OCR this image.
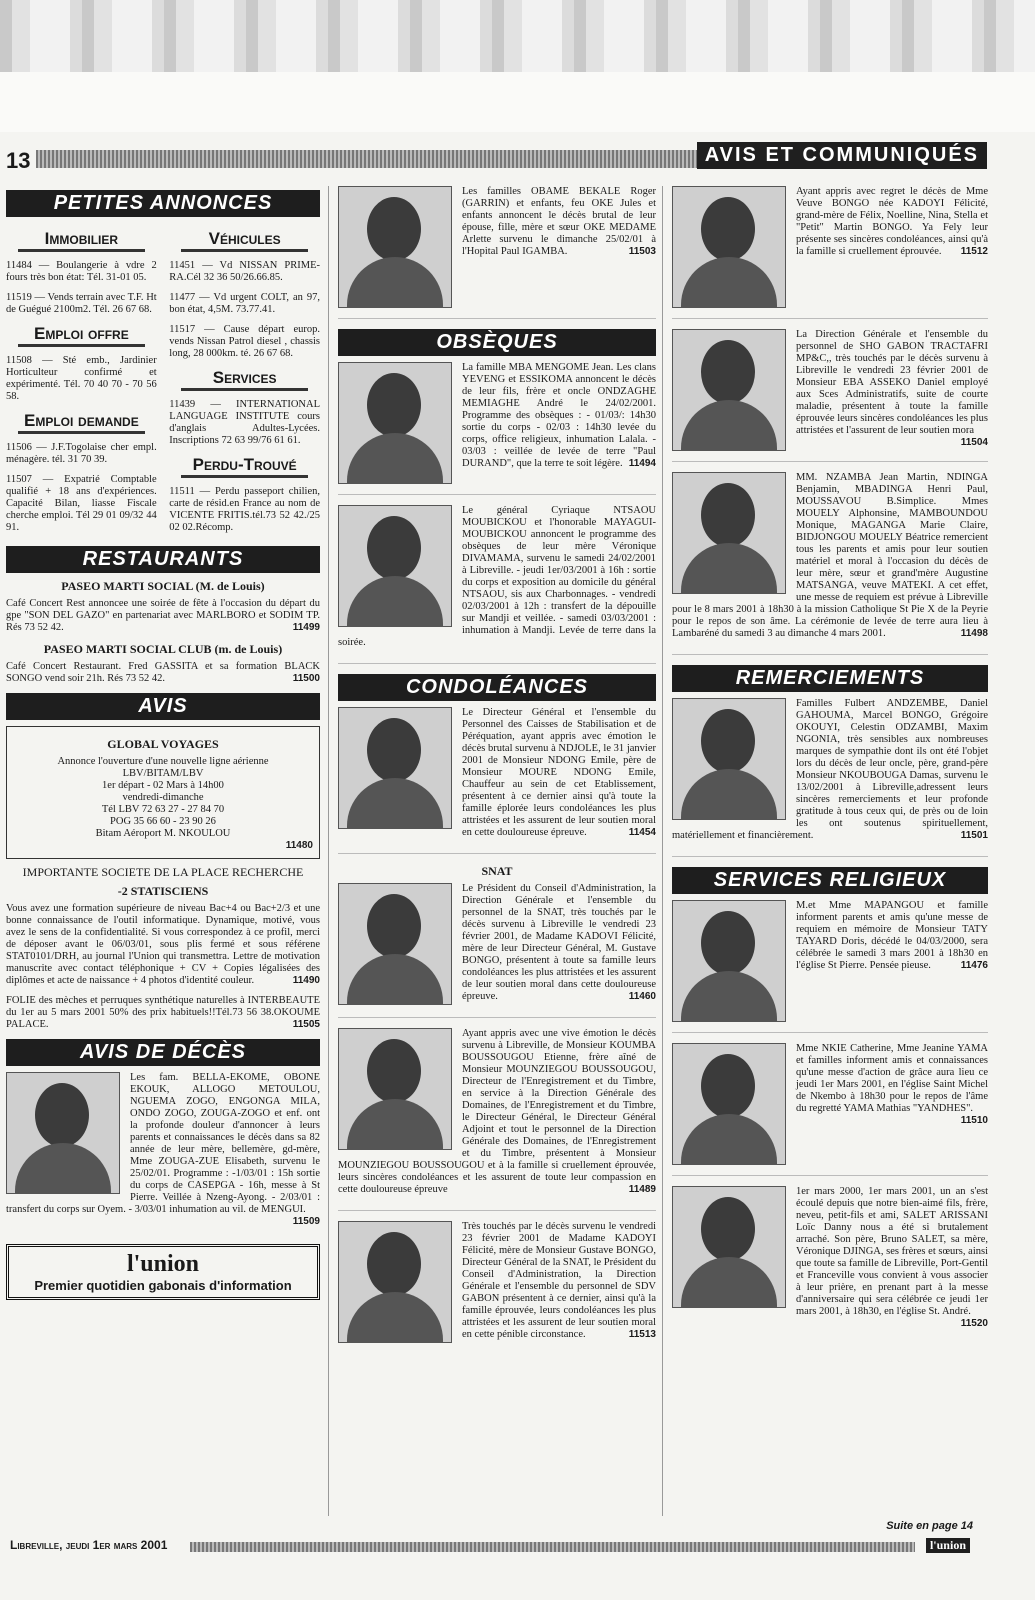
13	AVIS ET COMMUNIQUÉS
PETITES ANNONCES
Immobilier

11484 — Boulangerie à vdre 2 fours très bon état: Tél. 31-01 05.

11519 — Vends terrain avec T.F. Ht de Guégué 2100m2. Tél. 26 67 68.

Emploi offre

11508 — Sté emb., Jardinier Horticulteur confirmé et expérimenté. Tél. 70 40 70 - 70 56 58.

Emploi demande

11506 — J.F.Togolaise cher empl. ménagère. tél. 31 70 39.

11507 — Expatrié Comptable qualifié + 18 ans d'expériences. Capacité Bilan, liasse Fiscale cherche emploi. Tél 29 01 09/32 44 91.

Véhicules

11451 — Vd NISSAN PRIME-RA.Cél 32 36 50/26.66.85.

11477 — Vd urgent COLT, an 97, bon état, 4,5M. 73.77.41.

11517 — Cause départ europ. vends Nissan Patrol diesel , chassis long, 28 000km. té. 26 67 68.

Services

11439 — INTERNATIONAL LANGUAGE INSTITUTE cours d'anglais Adultes-Lycées. Inscriptions 72 63 99/76 61 61.

Perdu-Trouvé

11511 — Perdu passeport chilien, carte de résid.en France au nom de VICENTE FRITIS.tél.73 52 42./25 02 02.Récomp.

RESTAURANTS
PASEO MARTI SOCIAL (M. de Louis)

Café Concert Rest annoncee une soirée de fête à l'occasion du départ du gpe "SON DEL GAZO" en partenariat avec MARLBORO et SODIM TP. Rés 73 52 42.	11499

PASEO MARTI SOCIAL CLUB (m. de Louis)

Café Concert Restaurant. Fred GASSITA et sa formation BLACK SONGO vend soir 21h. Rés 73 52 42.	11500

AVIS
GLOBAL VOYAGES

Annonce l'ouverture d'une nouvelle ligne aérienne

LBV/BITAM/LBV

1er départ - 02 Mars à 14h00

vendredi-dimanche

Tél LBV 72 63 27 - 27 84 70

POG 35 66 60 - 23 90 26

Bitam Aéroport M. NKOULOU

11480

IMPORTANTE SOCIETE DE LA PLACE RECHERCHE
-2 STATISCIENS

Vous avez une formation supérieure de niveau Bac+4 ou Bac+2/3 et une bonne connaissance de l'outil informatique. Dynamique, motivé, vous avez le sens de la confidentialité. Si vous correspondez à ce profil, merci de déposer avant le 06/03/01, sous plis fermé et sous référene STAT0101/DRH, au journal l'Union qui transmettra. Lettre de motivation manuscrite avec contact téléphonique + CV + Copies légalisées des diplômes et acte de naissance + 4 photos d'identité couleur.	11490

FOLIE des mèches et perruques synthétique naturelles à INTERBEAUTE du 1er au 5 mars 2001 50% des prix habituels!!Tél.73 56 38.OKOUME PALACE.	11505

AVIS DE DÉCÈS

Les fam. BELLA-EKOME, OBONE EKOUK, ALLOGO METOULOU, NGUEMA ZOGO, ENGONGA MILA, ONDO ZOGO, ZOUGA-ZOGO et enf. ont la profonde douleur d'annoncer à leurs parents et connaissances le décès dans sa 82 année de leur mère, bellemère, gd-mère, Mme ZOUGA-ZUE Elisabeth, survenu le 25/02/01. Programme : -1/03/01 : 15h sortie du corps de CASEPGA - 16h, messe à St Pierre. Veillée à Nzeng-Ayong. - 2/03/01 : transfert du corps sur Oyem. - 3/03/01 inhumation au vil. de MENGUI.
11509

l'union
Premier quotidien gabonais d'information

Les familles OBAME BEKALE Roger (GARRIN) et enfants, feu OKE Jules et enfants annoncent le décès brutal de leur épouse, fille, mère et sœur OKE MEDAME Arlette survenu le dimanche 25/02/01 à l'Hopital Paul IGAMBA.	11503

OBSÈQUES

La famille MBA MENGOME Jean. Les clans YEVENG et ESSIKOMA annoncent le décès de leur fils, frère et oncle ONDZAGHE MEMIAGHE André le 24/02/2001. Programme des obsèques : - 01/03/: 14h30 sortie du corps - 02/03 : 14h30 levée du corps, office religieux, inhumation Lalala. - 03/03 : veillée de levée de terre "Paul DURAND", que la terre te soit légère. 11494

Le général Cyriaque NTSAOU MOUBICKOU et l'honorable MAYAGUI-MOUBICKOU annoncent le programme des obsèques de leur mère Véronique DIVAMAMA, survenu le samedi 24/02/2001 à Libreville. - jeudi 1er/03/2001 à 16h : sortie du corps et exposition au domicile du général NTSAOU, sis aux Charbonnages. - vendredi 02/03/2001 à 12h : transfert de la dépouille sur Mandji et veillée. - samedi 03/03/2001 : inhumation à Mandji. Levée de terre dans la soirée.

CONDOLÉANCES

Le Directeur Général et l'ensemble du Personnel des Caisses de Stabilisation et de Péréquation, ayant appris avec émotion le décès brutal survenu à NDJOLE, le 31 janvier 2001 de Monsieur NDONG Emile, père de Monsieur MOURE NDONG Emile, Chauffeur au sein de cet Etablissement, présentent à ce dernier ainsi qu'à toute la famille éplorée leurs condoléances les plus attristées et les assurent de leur soutien moral en cette douloureuse épreuve.	11454

SNAT

Le Président du Conseil d'Administration, la Direction Générale et l'ensemble du personnel de la SNAT, très touchés par le décès survenu à Libreville le vendredi 23 février 2001, de Madame KADOVI Félicité, mère de leur Directeur Général, M. Gustave BONGO, présentent à toute sa famille leurs condoléances les plus attristées et les assurent de leur soutien moral dans cette douloureuse épreuve.	11460

Ayant appris avec une vive émotion le décès survenu à Libreville, de Monsieur KOUMBA BOUSSOUGOU Etienne, frère aîné de Monsieur MOUNZIEGOU BOUSSOUGOU, Directeur de l'Enregistrement et du Timbre, en service à la Direction Générale des Domaines, de l'Enregistrement et du Timbre, le Directeur Général, le Directeur Général Adjoint et tout le personnel de la Direction Générale des Domaines, de l'Enregistrement et du Timbre, présentent à Monsieur MOUNZIEGOU BOUSSOUGOU et à la famille si cruellement éprouvée, leurs sincères condoléances et les assurent de toute leur compassion en cette douloureuse épreuve	11489

Très touchés par le décès survenu le vendredi 23 février 2001 de Madame KADOYI Félicité, mère de Monsieur Gustave BONGO, Directeur Général de la SNAT, le Président du Conseil d'Administration, la Direction Générale et l'ensemble du personnel de SDV GABON présentent à ce dernier, ainsi qu'à la famille éprouvée, leurs condoléances les plus attristées et les assurent de leur soutien moral en cette pénible circonstance.	11513

Ayant appris avec regret le décès de Mme Veuve BONGO née KADOYI Félicité, grand-mère de Félix, Noelline, Nina, Stella et "Petit" Martin BONGO. Ya Fely leur présente ses sincères condoléances, ainsi qu'à la famille si cruellement éprouvée. 11512

La Direction Générale et l'ensemble du personnel de SHO GABON TRACTAFRI MP&C,, très touchés par le décès survenu à Libreville le vendredi 23 février 2001 de Monsieur EBA ASSEKO Daniel employé aux Sces Administratifs, suite de courte maladie, présentent à toute la famille éprouvée leurs sincères condoléances les plus attristées et l'assurent de leur soutien mora
11504

MM. NZAMBA Jean Martin, NDINGA Benjamin, MBADINGA Henri Paul, MOUSSAVOU B.Simplice. Mmes MOUELY Alphonsine, MAMBOUNDOU Monique, MAGANGA Marie Claire, BIDJONGOU MOUELY Béatrice remercient tous les parents et amis pour leur soutien matériel et moral à l'occasion du décès de leur mère, sœur et grand'mère Augustine MATSANGA, veuve MATEKI. A cet effet, une messe de requiem est prévue à Libreville pour le 8 mars 2001 à 18h30 à la mission Catholique St Pie X de la Peyrie pour le repos de son âme. La cérémonie de levée de terre aura lieu à Lambaréné du samedi 3 au dimanche 4 mars 2001.	11498

REMERCIEMENTS

Familles Fulbert ANDZEMBE, Daniel GAHOUMA, Marcel BONGO, Grégoire OKOUYI, Celestin ODZAMBI, Maxim NGONIA, très sensibles aux nombreuses marques de sympathie dont ils ont été l'objet lors du décès de leur oncle, père, grand-père Monsieur NKOUBOUGA Damas, survenu le 13/02/2001 à Libreville,adressent leurs sincères remerciements et leur profonde gratitude à tous ceux qui, de près ou de loin les ont soutenus spirituellement, matériellement et financièrement.	11501

SERVICES RELIGIEUX

M.et Mme MAPANGOU et famille informent parents et amis qu'une messe de requiem en mémoire de Monsieur TATY TAYARD Doris, décédé le 04/03/2000, sera célébrée le samedi 3 mars 2001 à 18h30 en l'église St Pierre. Pensée pieuse.	11476

Mme NKIE Catherine, Mme Jeanine YAMA et familles informent amis et connaissances qu'une messe d'action de grâce aura lieu ce jeudi 1er Mars 2001, en l'église Saint Michel de Nkembo à 18h30 pour le repos de l'âme du regretté YAMA Mathias "YANDHES".
11510

1er mars 2000, 1er mars 2001, un an s'est écoulé depuis que notre bien-aimé fils, frère, neveu, petit-fils et ami, SALET ARISSANI Loïc Danny nous a été si brutalement arraché. Son père, Bruno SALET, sa mère, Véronique DJINGA, ses frères et sœurs, ainsi que toute sa famille de Libreville, Port-Gentil et Franceville vous convient à vous associer à leur prière, en prenant part à la messe d'anniversaire qui sera célébrée ce jeudi 1er mars 2001, à 18h30, en l'église St. André.
11520

Suite en page 14
Libreville, jeudi 1er mars 2001	l'union
